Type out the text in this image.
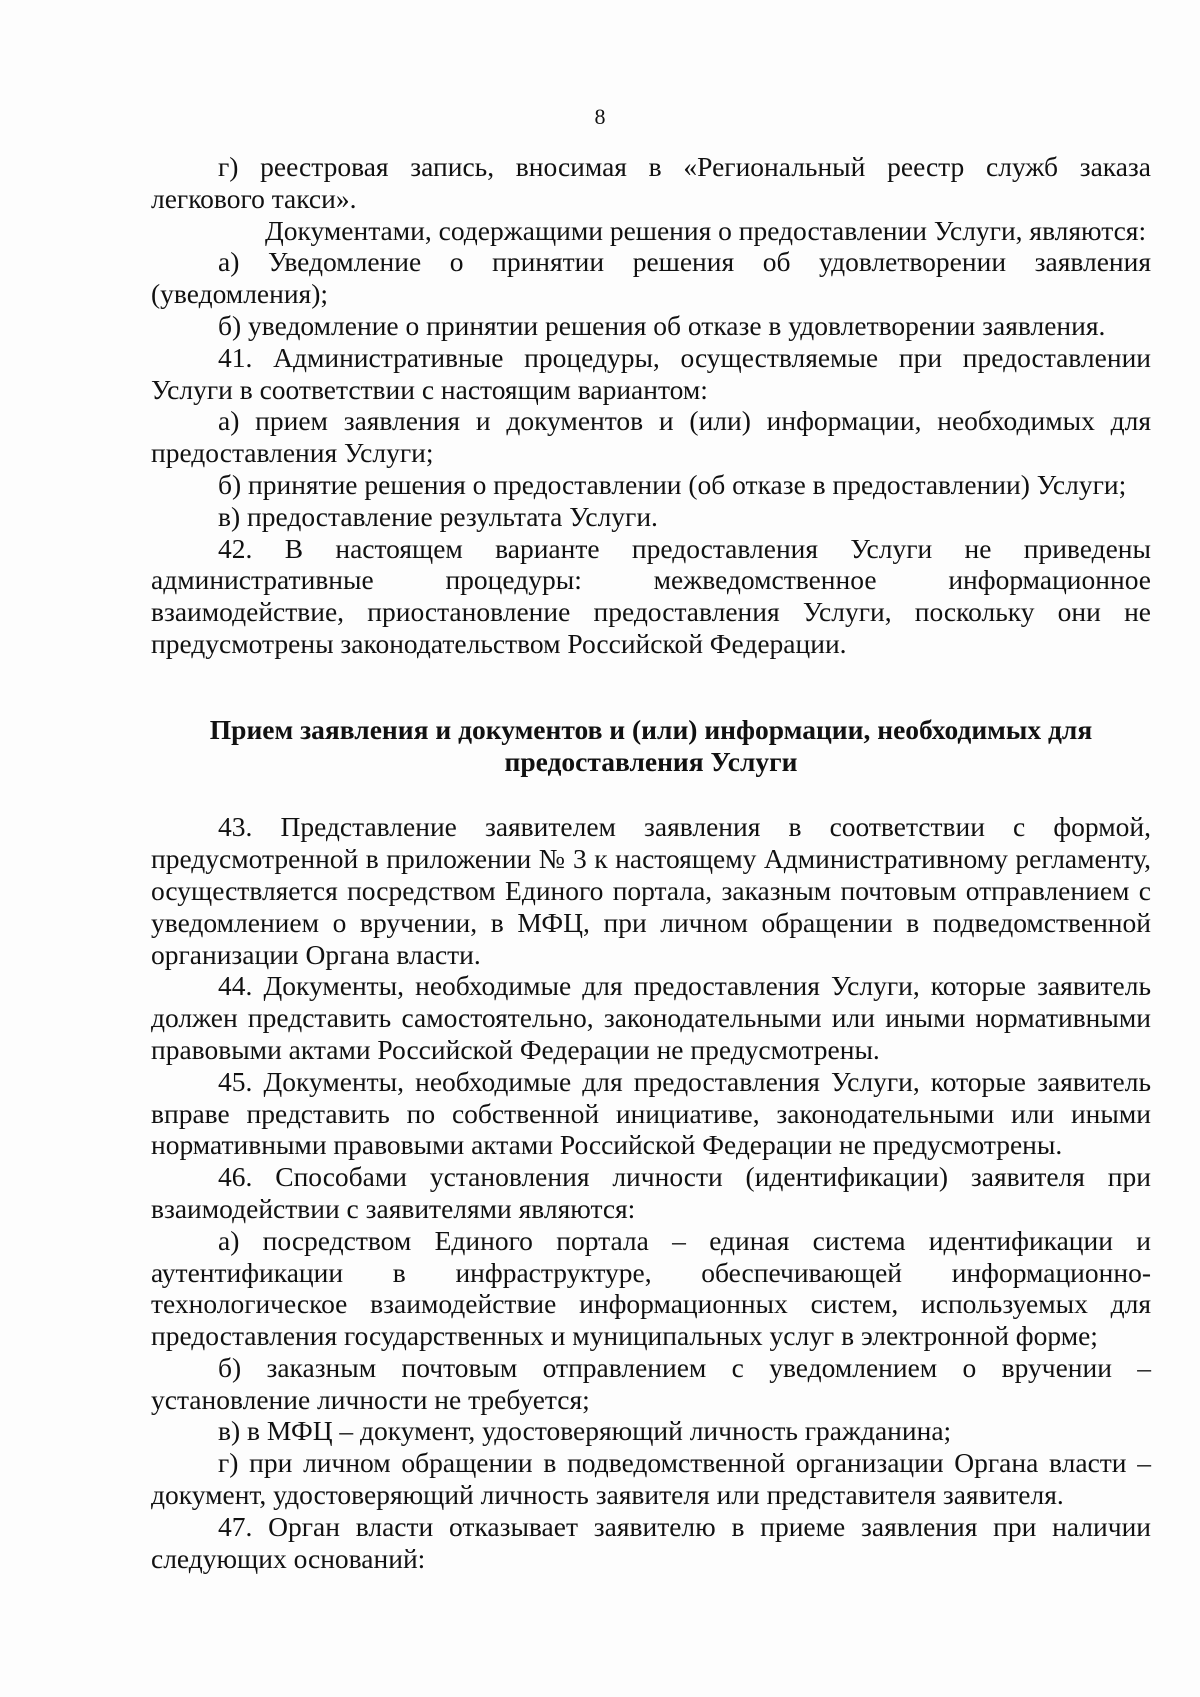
8

г) реестровая запись, вносимая в «Региональный реестр служб заказа легкового такси».

Документами, содержащими решения о предоставлении Услуги, являются:

а) Уведомление о принятии решения об удовлетворении заявления (уведомления);

б) уведомление о принятии решения об отказе в удовлетворении заявления.

41. Административные процедуры, осуществляемые при предоставлении Услуги в соответствии с настоящим вариантом:

а) прием заявления и документов и (или) информации, необходимых для предоставления Услуги;

б) принятие решения о предоставлении (об отказе в предоставлении) Услуги;

в) предоставление результата Услуги.

42. В настоящем варианте предоставления Услуги не приведены административные процедуры: межведомственное информационное взаимодействие, приостановление предоставления Услуги, поскольку они не предусмотрены законодательством Российской Федерации.

Прием заявления и документов и (или) информации, необходимых для
предоставления Услуги

43. Представление заявителем заявления в соответствии с формой, предусмотренной в приложении № 3 к настоящему Административному регламенту, осуществляется посредством Единого портала, заказным почтовым отправлением с уведомлением о вручении, в МФЦ, при личном обращении в подведомственной организации Органа власти.

44. Документы, необходимые для предоставления Услуги, которые заявитель должен представить самостоятельно, законодательными или иными нормативными правовыми актами Российской Федерации не предусмотрены.

45. Документы, необходимые для предоставления Услуги, которые заявитель вправе представить по собственной инициативе, законодательными или иными нормативными правовыми актами Российской Федерации не предусмотрены.

46. Способами установления личности (идентификации) заявителя при взаимодействии с заявителями являются:

а) посредством Единого портала – единая система идентификации и аутентификации в инфраструктуре, обеспечивающей информационно-технологическое взаимодействие информационных систем, используемых для предоставления государственных и муниципальных услуг в электронной форме;

б) заказным почтовым отправлением с уведомлением о вручении – установление личности не требуется;

в) в МФЦ – документ, удостоверяющий личность гражданина;

г) при личном обращении в подведомственной организации Органа власти – документ, удостоверяющий личность заявителя или представителя заявителя.

47. Орган власти отказывает заявителю в приеме заявления при наличии следующих оснований:
